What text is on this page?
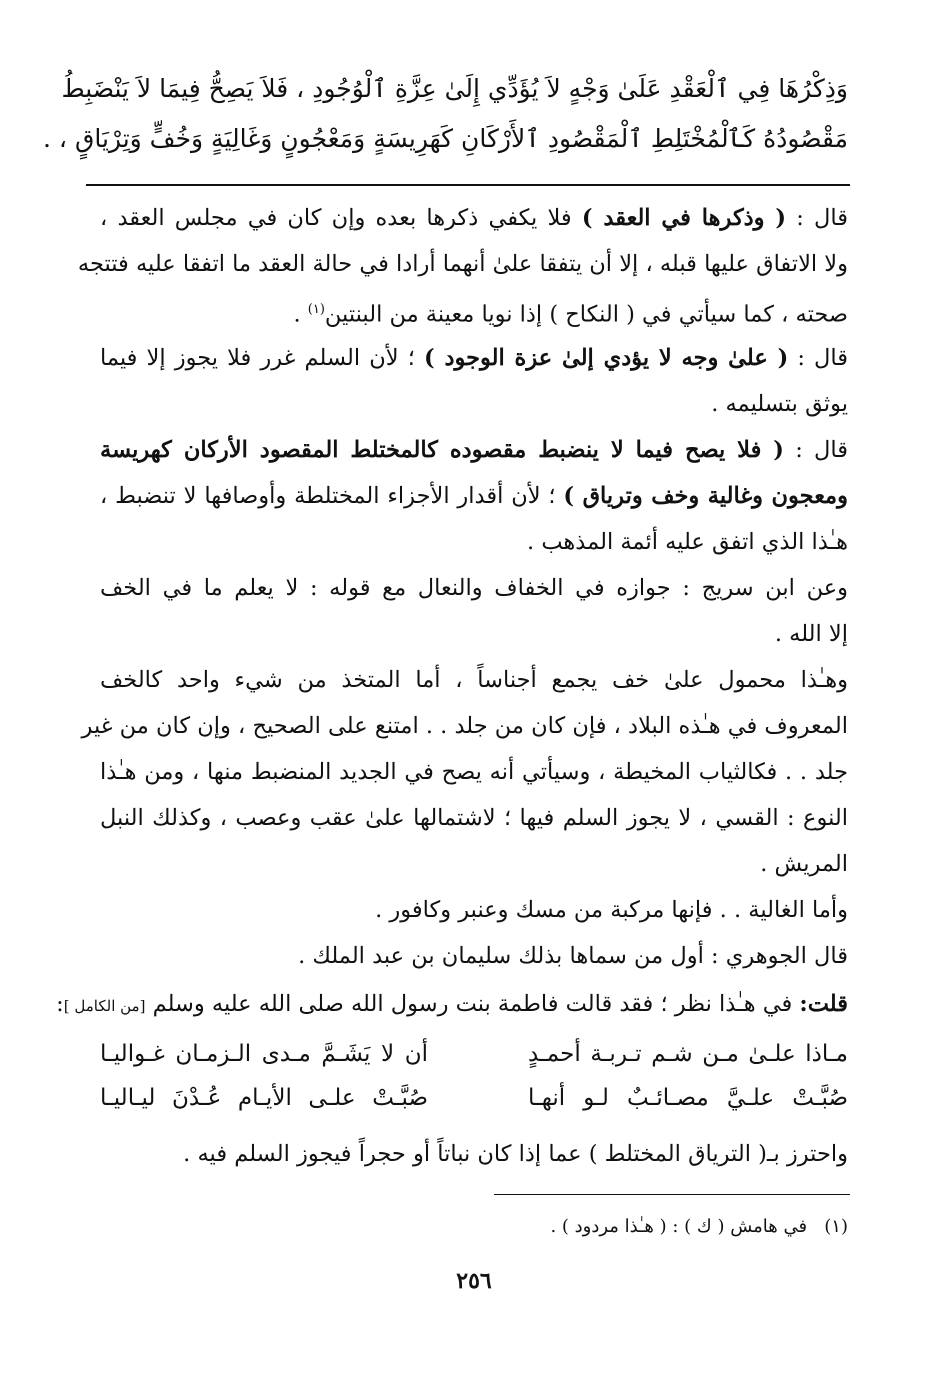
وَذِكْرُهَا فِي ٱلْعَقْدِ عَلَىٰ وَجْهٍ لاَ يُؤَدِّي إِلَىٰ عِزَّةِ ٱلْوُجُودِ ، فَلاَ يَصِحُّ فِيمَا لاَ يَنْضَبِطُ
مَقْصُودُهُ كَٱلْمُخْتَلِطِ ٱلْمَقْصُودِ ٱلأَرْكَانِ كَهَرِيسَةٍ وَمَعْجُونٍ وَغَالِيَةٍ وَخُفٍّ وَتِرْيَاقٍ ، .
قال : ( وذكرها في العقد ) فلا يكفي ذكرها بعده وإن كان في مجلس العقد ،
ولا الاتفاق عليها قبله ، إلا أن يتفقا علىٰ أنهما أرادا في حالة العقد ما اتفقا عليه فتتجه
صحته ، كما سيأتي في ( النكاح ) إذا نويا معينة من البنتين$^{(١)}$ .
قال : ( علىٰ وجه لا يؤدي إلىٰ عزة الوجود ) ؛ لأن السلم غرر فلا يجوز إلا فيما
يوثق بتسليمه .
قال : ( فلا يصح فيما لا ينضبط مقصوده كالمختلط المقصود الأركان كهريسة
ومعجون وغالية وخف وترياق ) ؛ لأن أقدار الأجزاء المختلطة وأوصافها لا تنضبط ،
هـٰذا الذي اتفق عليه أئمة المذهب .
وعن ابن سريج : جوازه في الخفاف والنعال مع قوله : لا يعلم ما في الخف
إلا الله .
وهـٰذا محمول علىٰ خف يجمع أجناساً ، أما المتخذ من شيء واحد كالخف
المعروف في هـٰذه البلاد ، فإن كان من جلد . . امتنع على الصحيح ، وإن كان من غير
جلد . . فكالثياب المخيطة ، وسيأتي أنه يصح في الجديد المنضبط منها ، ومن هـٰذا
النوع : القسي ، لا يجوز السلم فيها ؛ لاشتمالها علىٰ عقب وعصب ، وكذلك النبل
المريش .
وأما الغالية . . فإنها مركبة من مسك وعنبر وكافور .
قال الجوهري : أول من سماها بذلك سليمان بن عبد الملك .
قلت: في هـٰذا نظر ؛ فقد قالت فاطمة بنت رسول الله صلى الله عليه وسلم [من الكامل ]:
مـاذا علـىٰ مـن شـم تـربـة أحمـدٍ
أن لا يَشَـمَّ مـدى الـزمـان غـواليـا
صُبَّـتْ علـيَّ مصـائـبٌ لـو أنهـا
صُبَّـتْ علـى الأيـام عُـدْنَ ليـاليـا
واحترز بـ( الترياق المختلط ) عما إذا كان نباتاً أو حجراً فيجوز السلم فيه .
(١)   في هامش ( ك ) : ( هـٰذا مردود ) .
٢٥٦
